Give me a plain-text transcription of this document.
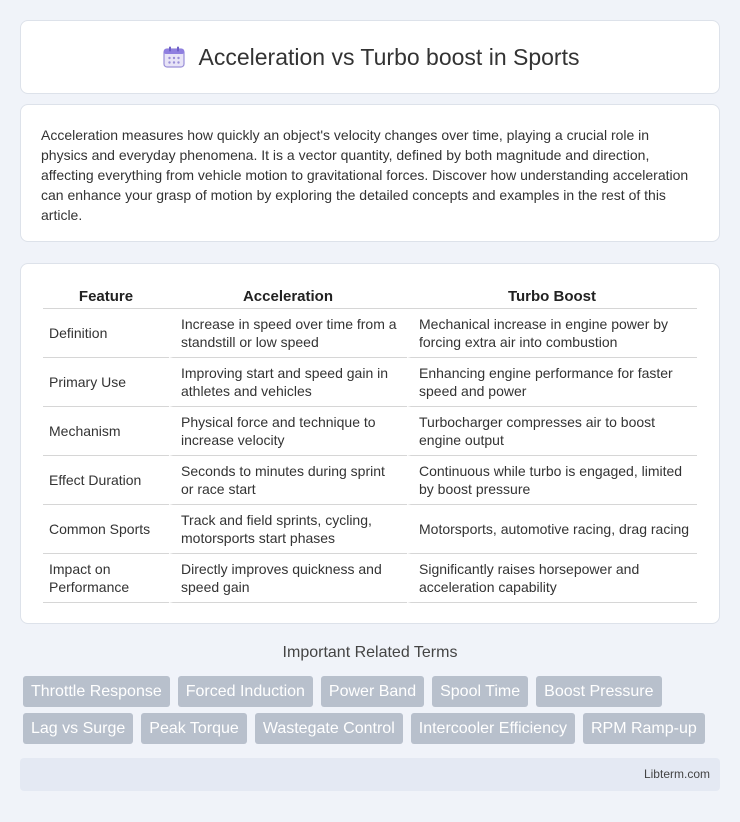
Acceleration vs Turbo boost in Sports

Acceleration measures how quickly an object's velocity changes over time, playing a crucial role in physics and everyday phenomena. It is a vector quantity, defined by both magnitude and direction, affecting everything from vehicle motion to gravitational forces. Discover how understanding acceleration can enhance your grasp of motion by exploring the detailed concepts and examples in the rest of this article.

Feature	Acceleration	Turbo Boost
Definition	Increase in speed over time from a standstill or low speed	Mechanical increase in engine power by forcing extra air into combustion
Primary Use	Improving start and speed gain in athletes and vehicles	Enhancing engine performance for faster speed and power
Mechanism	Physical force and technique to increase velocity	Turbocharger compresses air to boost engine output
Effect Duration	Seconds to minutes during sprint or race start	Continuous while turbo is engaged, limited by boost pressure
Common Sports	Track and field sprints, cycling, motorsports start phases	Motorsports, automotive racing, drag racing
Impact on Performance	Directly improves quickness and speed gain	Significantly raises horsepower and acceleration capability
Important Related Terms
Throttle Response	Forced Induction	Power Band	Spool Time	Boost Pressure
Lag vs Surge	Peak Torque	Wastegate Control	Intercooler Efficiency	RPM Ramp-up
Libterm.com
